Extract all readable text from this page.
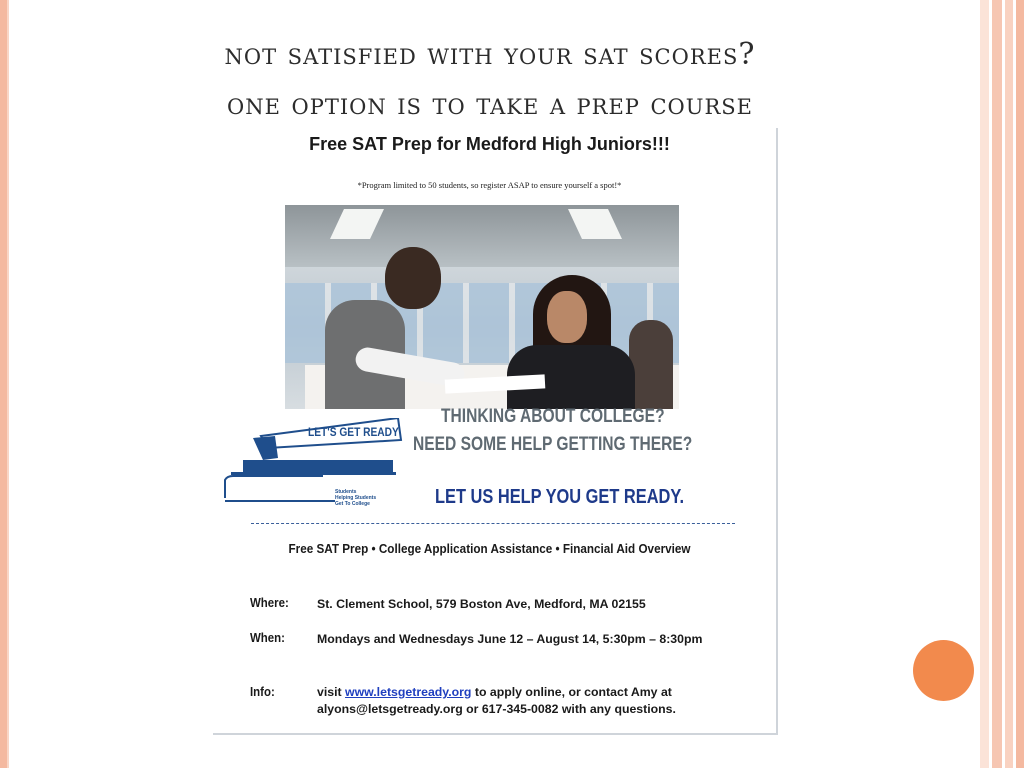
not satisfied with your sat scores?
one option is to take a prep course
Free SAT Prep for Medford High Juniors!!!
*Program limited to 50 students, so register ASAP to ensure yourself a spot!*
LET'S GET READY
Students
Helping Students
Get To College
THINKING ABOUT COLLEGE?
NEED SOME HELP GETTING THERE?
LET US HELP YOU GET READY.
Free SAT Prep • College Application Assistance • Financial Aid Overview
Where: St. Clement School, 579 Boston Ave, Medford, MA 02155
When:	Mondays and Wednesdays June 12 – August 14, 5:30pm – 8:30pm
Info:	visit www.letsgetready.org to apply online, or contact Amy at alyons@letsgetready.org or 617-345-0082 with any questions.
